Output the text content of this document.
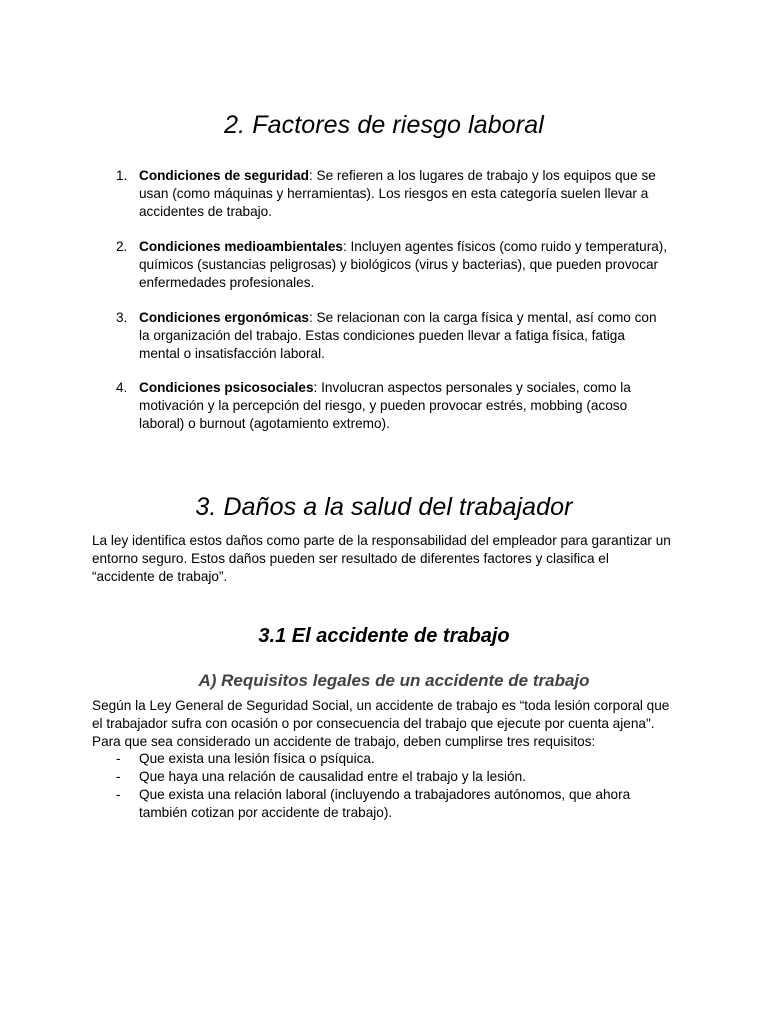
2. Factores de riesgo laboral
1. Condiciones de seguridad: Se refieren a los lugares de trabajo y los equipos que se usan (como máquinas y herramientas). Los riesgos en esta categoría suelen llevar a accidentes de trabajo.
2. Condiciones medioambientales: Incluyen agentes físicos (como ruido y temperatura), químicos (sustancias peligrosas) y biológicos (virus y bacterias), que pueden provocar enfermedades profesionales.
3. Condiciones ergonómicas: Se relacionan con la carga física y mental, así como con la organización del trabajo. Estas condiciones pueden llevar a fatiga física, fatiga mental o insatisfacción laboral.
4. Condiciones psicosociales: Involucran aspectos personales y sociales, como la motivación y la percepción del riesgo, y pueden provocar estrés, mobbing (acoso laboral) o burnout (agotamiento extremo).
3. Daños a la salud del trabajador

La ley identifica estos daños como parte de la responsabilidad del empleador para garantizar un entorno seguro. Estos daños pueden ser resultado de diferentes factores y clasifica el “accidente de trabajo”.

3.1 El accidente de trabajo
A) Requisitos legales de un accidente de trabajo

Según la Ley General de Seguridad Social, un accidente de trabajo es “toda lesión corporal que el trabajador sufra con ocasión o por consecuencia del trabajo que ejecute por cuenta ajena". Para que sea considerado un accidente de trabajo, deben cumplirse tres requisitos:

-	Que exista una lesión física o psíquica.
-	Que haya una relación de causalidad entre el trabajo y la lesión.
-	Que exista una relación laboral (incluyendo a trabajadores autónomos, que ahora también cotizan por accidente de trabajo).
